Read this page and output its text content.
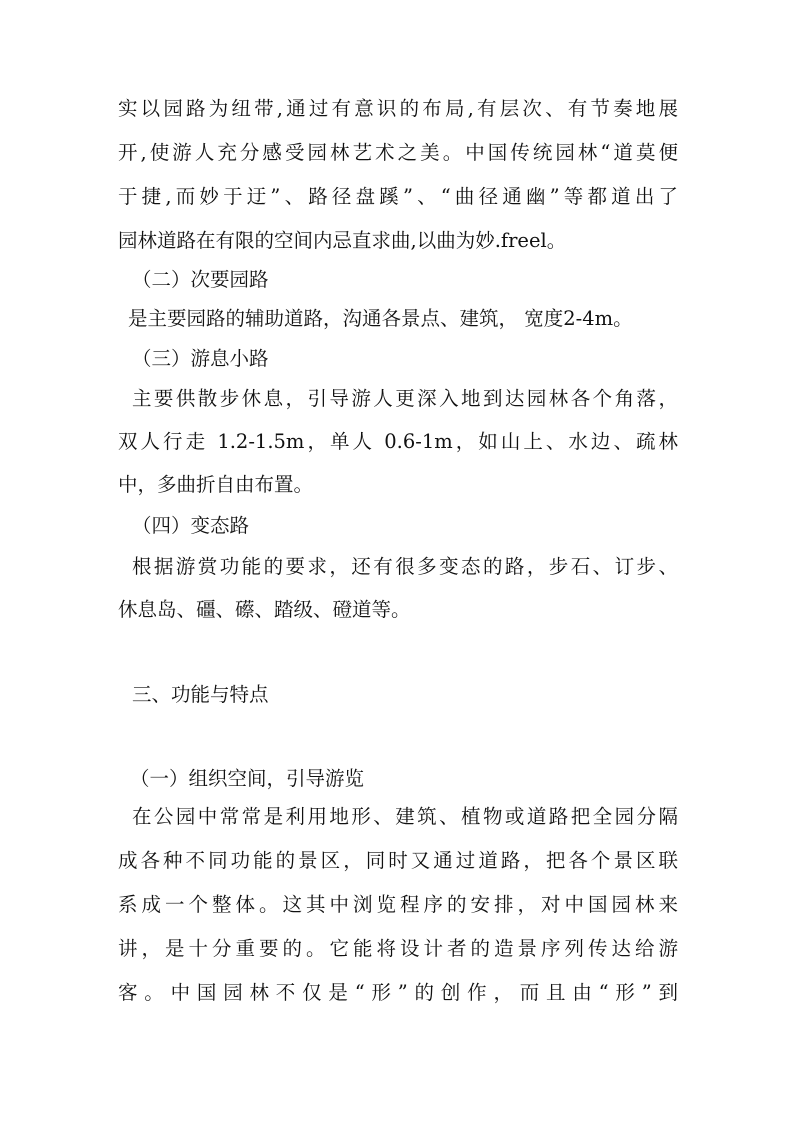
实以园路为纽带,通过有意识的布局,有层次、有节奏地展
开,使游人充分感受园林艺术之美。中国传统园林“道莫便
于捷,而妙于迂”、路径盘蹊”、“曲径通幽”等都道出了
园林道路在有限的空间内忌直求曲,以曲为妙.freel。
（二）次要园路
是主要园路的辅助道路，沟通各景点、建筑， 宽度2-4m。
（三）游息小路
主要供散步休息，引导游人更深入地到达园林各个角落，
双人行走 1.2-1.5m，单人 0.6-1m，如山上、水边、疏林
中，多曲折自由布置。
（四）变态路
根据游赏功能的要求，还有很多变态的路，步石、订步、
休息岛、礓、礤、踏级、磴道等。
三、功能与特点
（一）组织空间，引导游览
在公园中常常是利用地形、建筑、植物或道路把全园分隔
成各种不同功能的景区，同时又通过道路，把各个景区联
系成一个整体。这其中浏览程序的安排，对中国园林来
讲，是十分重要的。它能将设计者的造景序列传达给游
客。中国园林不仅是“形”的创作，而且由“形”到
